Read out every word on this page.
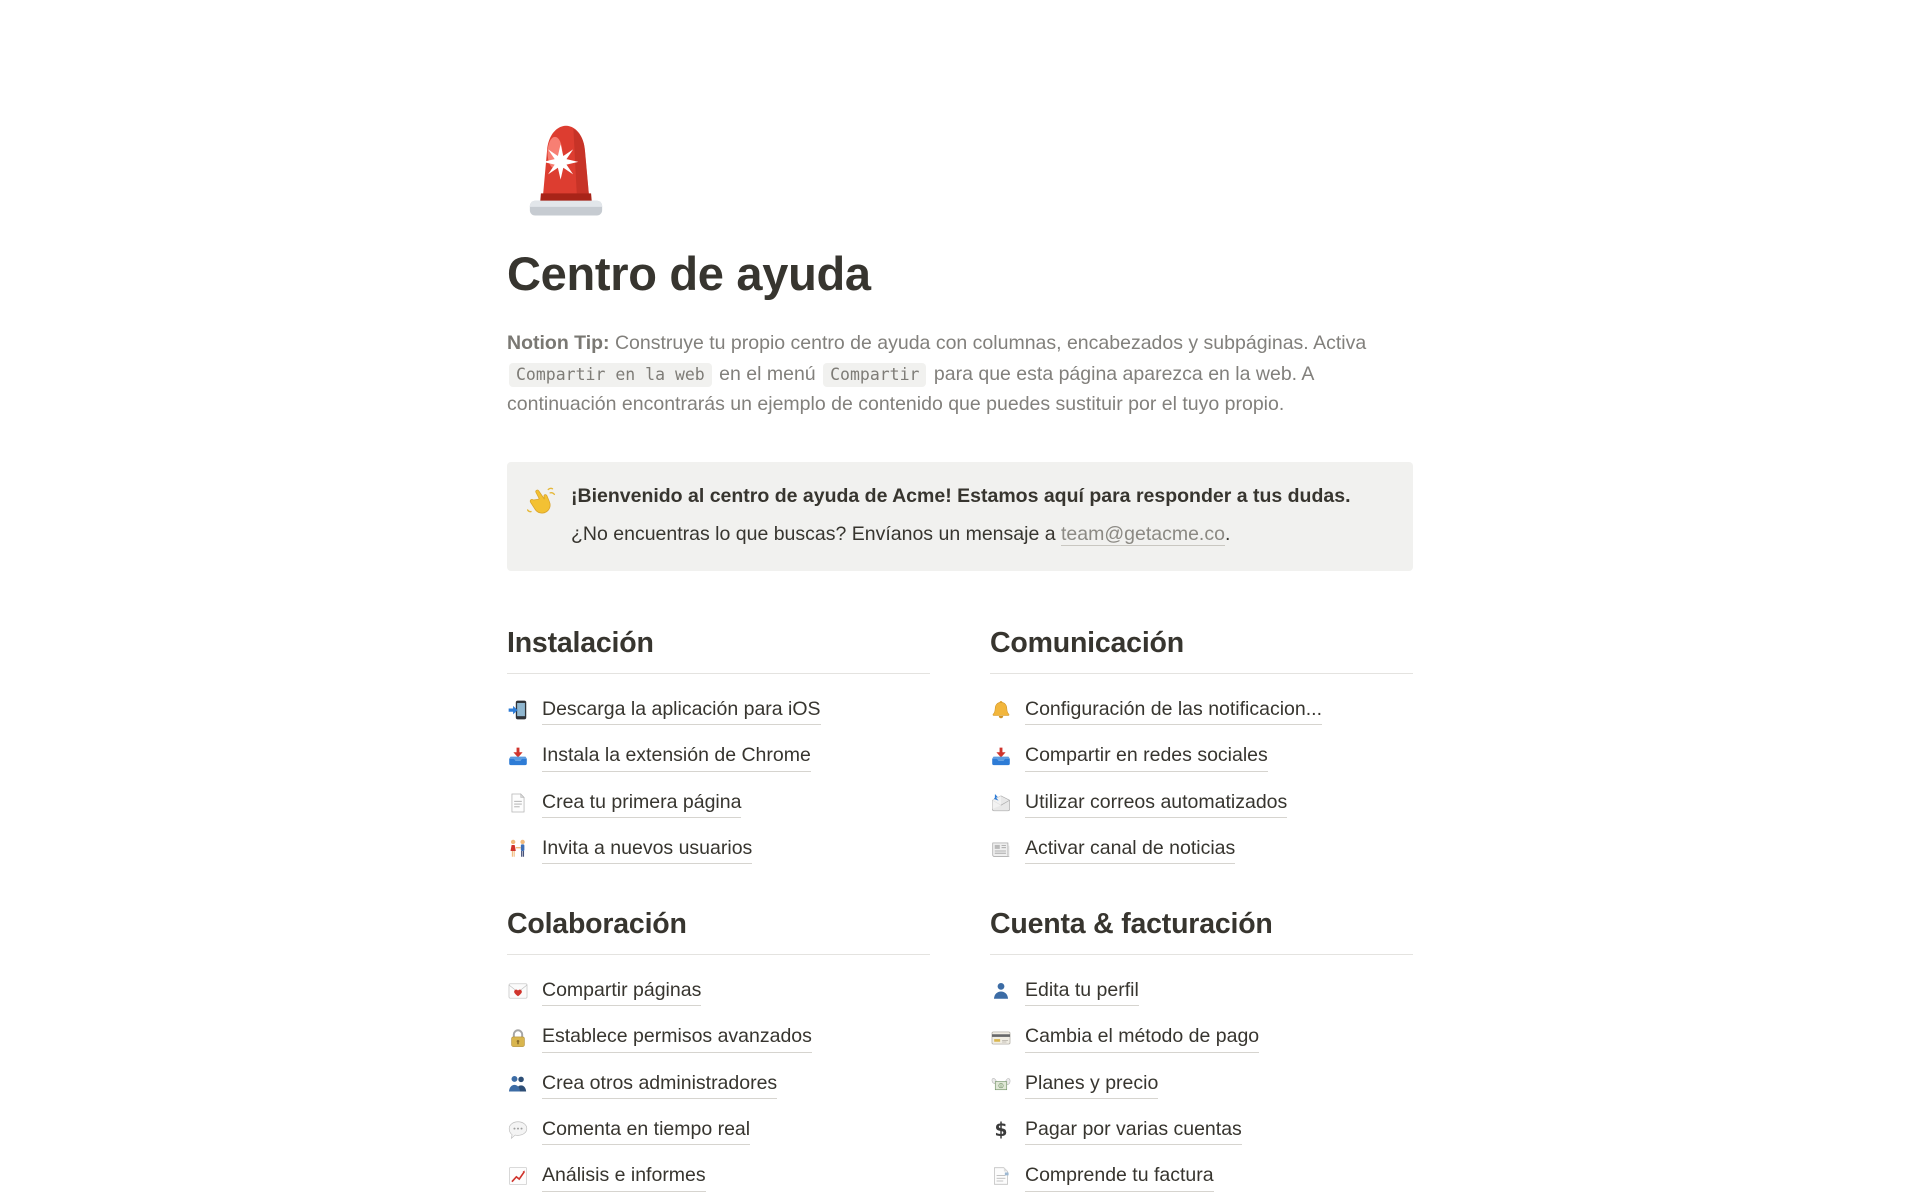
Centro de ayuda

Notion Tip: Construye tu propio centro de ayuda con columnas, encabezados y subpáginas. Activa Compartir en la web en el menú Compartir para que esta página aparezca en la web. A continuación encontrarás un ejemplo de contenido que puedes sustituir por el tuyo propio.

¡Bienvenido al centro de ayuda de Acme! Estamos aquí para responder a tus dudas.
¿No encuentras lo que buscas? Envíanos un mensaje a team@getacme.co.
Instalación
Descarga la aplicación para iOS
Instala la extensión de Chrome
Crea tu primera página
Invita a nuevos usuarios
Comunicación
Configuración de las notificacion...
Compartir en redes sociales
Utilizar correos automatizados
Activar canal de noticias
Colaboración
Compartir páginas
Establece permisos avanzados
Crea otros administradores
Comenta en tiempo real
Análisis e informes
Cuenta & facturación
Edita tu perfil
Cambia el método de pago
Planes y precio
$ Pagar por varias cuentas
Comprende tu factura
